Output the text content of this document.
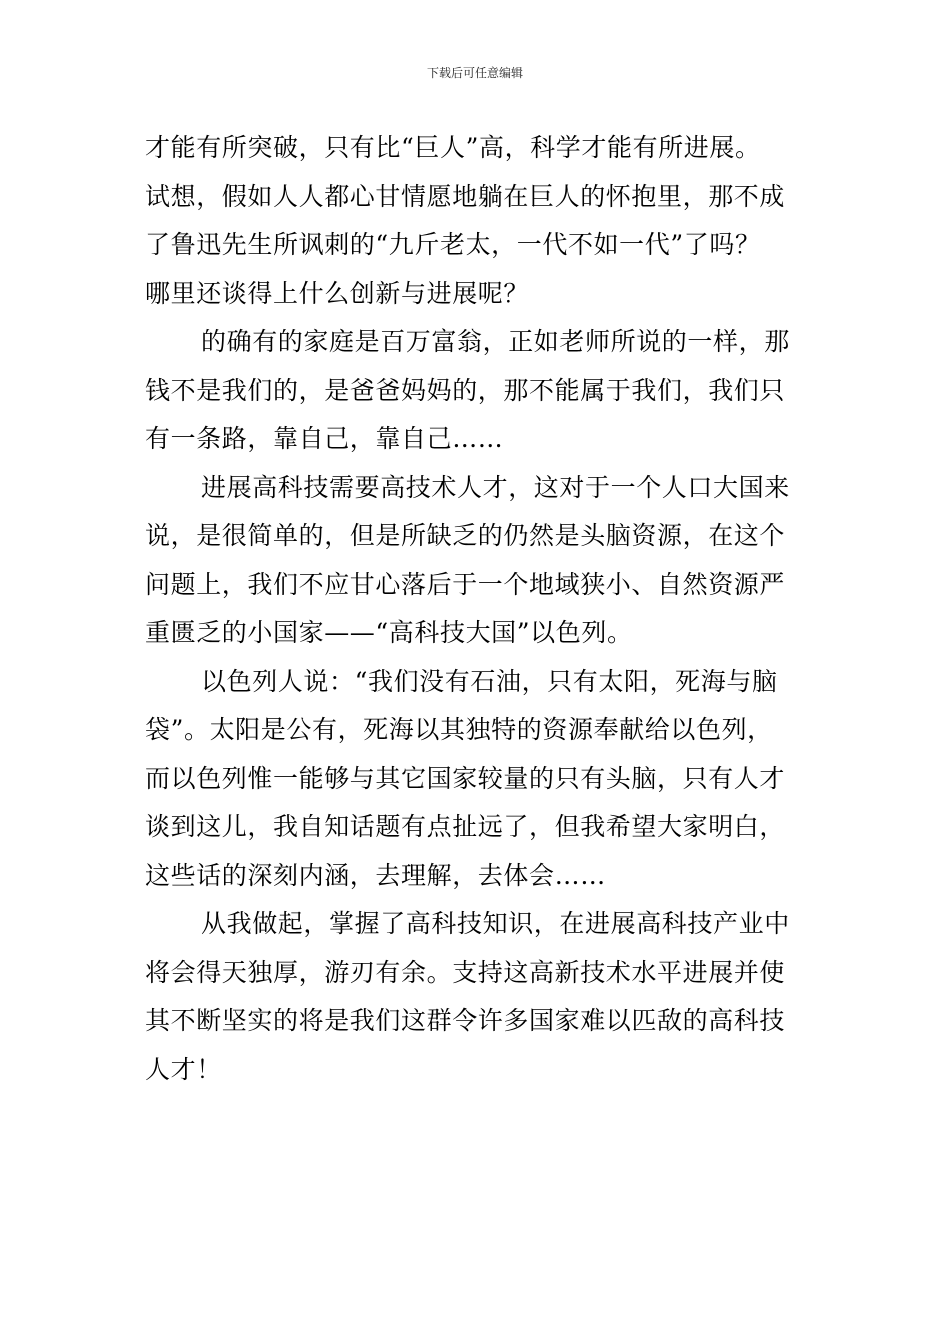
下载后可任意编辑
才能有所突破，只有比“巨人”高，科学才能有所进展。
试想，假如人人都心甘情愿地躺在巨人的怀抱里，那不成
了鲁迅先生所讽刺的“九斤老太，一代不如一代”了吗？
哪里还谈得上什么创新与进展呢？
的确有的家庭是百万富翁，正如老师所说的一样，那
钱不是我们的，是爸爸妈妈的，那不能属于我们，我们只
有一条路，靠自己，靠自己……
进展高科技需要高技术人才，这对于一个人口大国来
说，是很简单的，但是所缺乏的仍然是头脑资源，在这个
问题上，我们不应甘心落后于一个地域狭小、自然资源严
重匮乏的小国家——“高科技大国”以色列。
以色列人说：“我们没有石油，只有太阳，死海与脑
袋”。太阳是公有，死海以其独特的资源奉献给以色列，
而以色列惟一能够与其它国家较量的只有头脑，只有人才
谈到这儿，我自知话题有点扯远了，但我希望大家明白，
这些话的深刻内涵，去理解，去体会……
从我做起，掌握了高科技知识，在进展高科技产业中
将会得天独厚，游刃有余。支持这高新技术水平进展并使
其不断坚实的将是我们这群令许多国家难以匹敌的高科技
人才！
